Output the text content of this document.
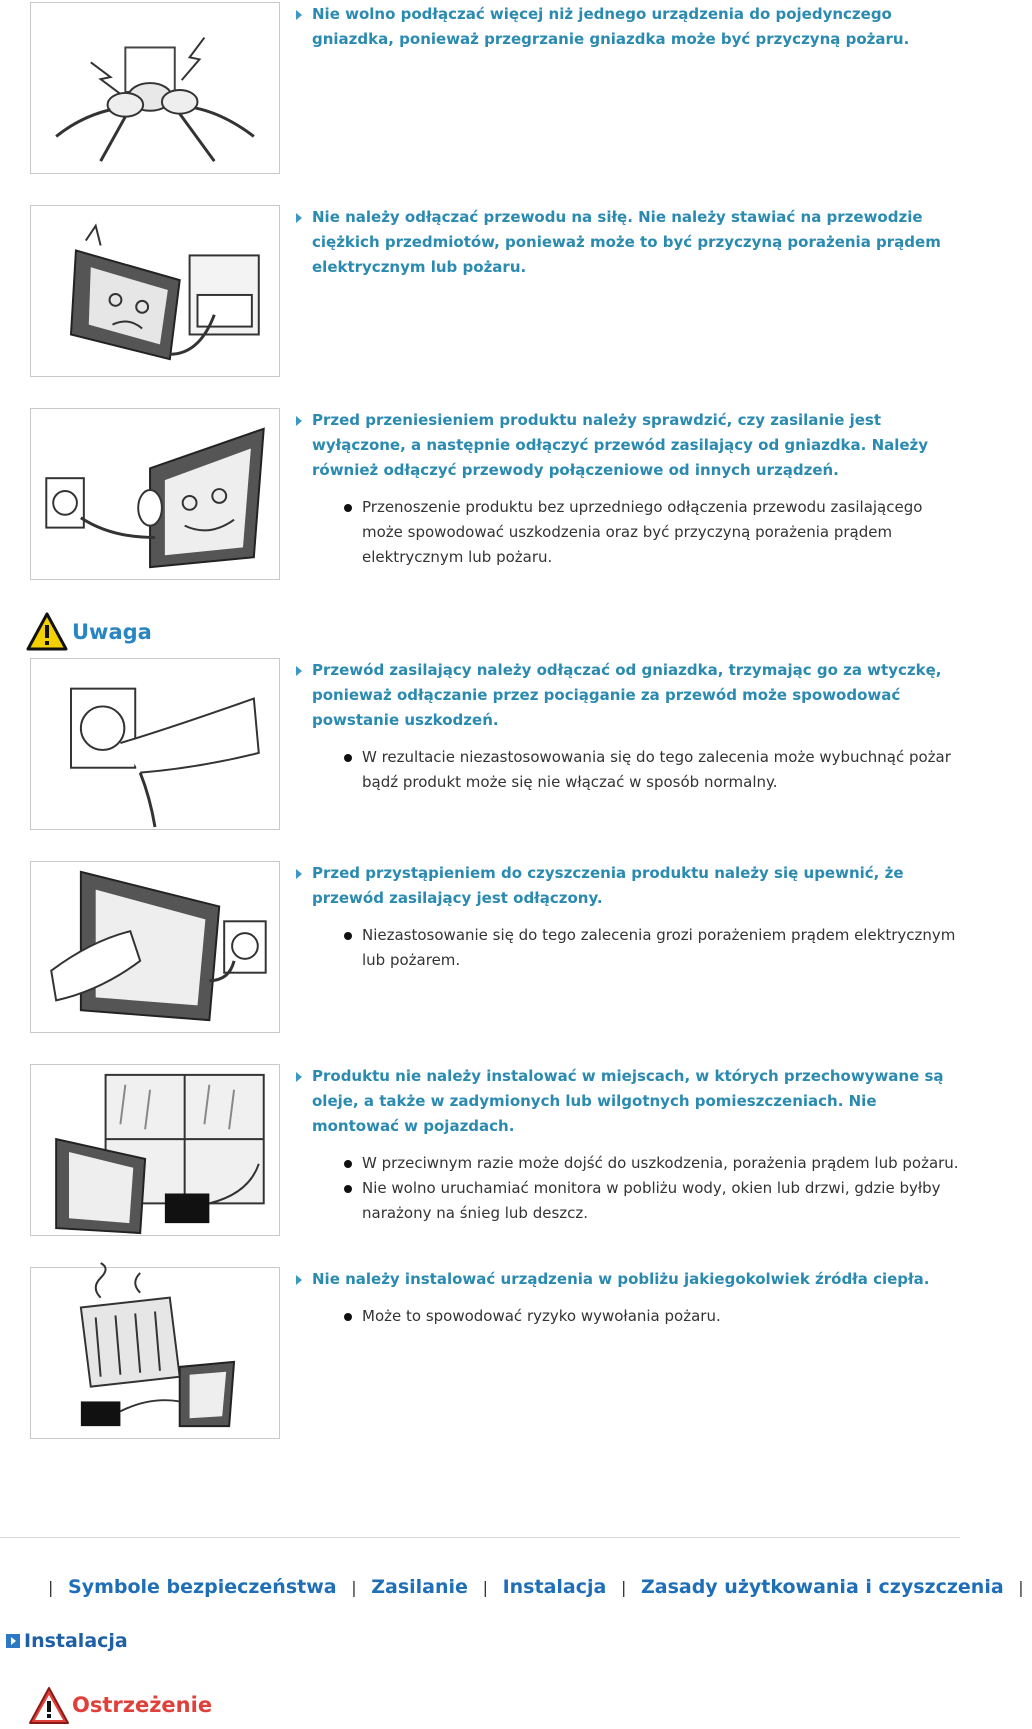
Nie wolno podłączać więcej niż jednego urządzenia do pojedynczego gniazdka, ponieważ przegrzanie gniazdka może być przyczyną pożaru.

Nie należy odłączać przewodu na siłę. Nie należy stawiać na przewodzie ciężkich przedmiotów, ponieważ może to być przyczyną porażenia prądem elektrycznym lub pożaru.

Przed przeniesieniem produktu należy sprawdzić, czy zasilanie jest wyłączone, a następnie odłączyć przewód zasilający od gniazdka. Należy również odłączyć przewody połączeniowe od innych urządzeń.

Przenoszenie produktu bez uprzedniego odłączenia przewodu zasilającego może spowodować uszkodzenia oraz być przyczyną porażenia prądem elektrycznym lub pożaru.
Uwaga

Przewód zasilający należy odłączać od gniazdka, trzymając go za wtyczkę, ponieważ odłączanie przez pociąganie za przewód może spowodować powstanie uszkodzeń.

W rezultacie niezastosowowania się do tego zalecenia może wybuchnąć pożar bądź produkt może się nie włączać w sposób normalny.

Przed przystąpieniem do czyszczenia produktu należy się upewnić, że przewód zasilający jest odłączony.

Niezastosowanie się do tego zalecenia grozi porażeniem prądem elektrycznym lub pożarem.

Produktu nie należy instalować w miejscach, w których przechowywane są oleje, a także w zadymionych lub wilgotnych pomieszczeniach. Nie montować w pojazdach.

W przeciwnym razie może dojść do uszkodzenia, porażenia prądem lub pożaru.
Nie wolno uruchamiać monitora w pobliżu wody, okien lub drzwi, gdzie byłby narażony na śnieg lub deszcz.

Nie należy instalować urządzenia w pobliżu jakiegokolwiek źródła ciepła.

Może to spowodować ryzyko wywołania pożaru.
| Symbole bezpieczeństwa | Zasilanie | Instalacja | Zasady użytkowania i czyszczenia |
Instalacja
Ostrzeżenie
